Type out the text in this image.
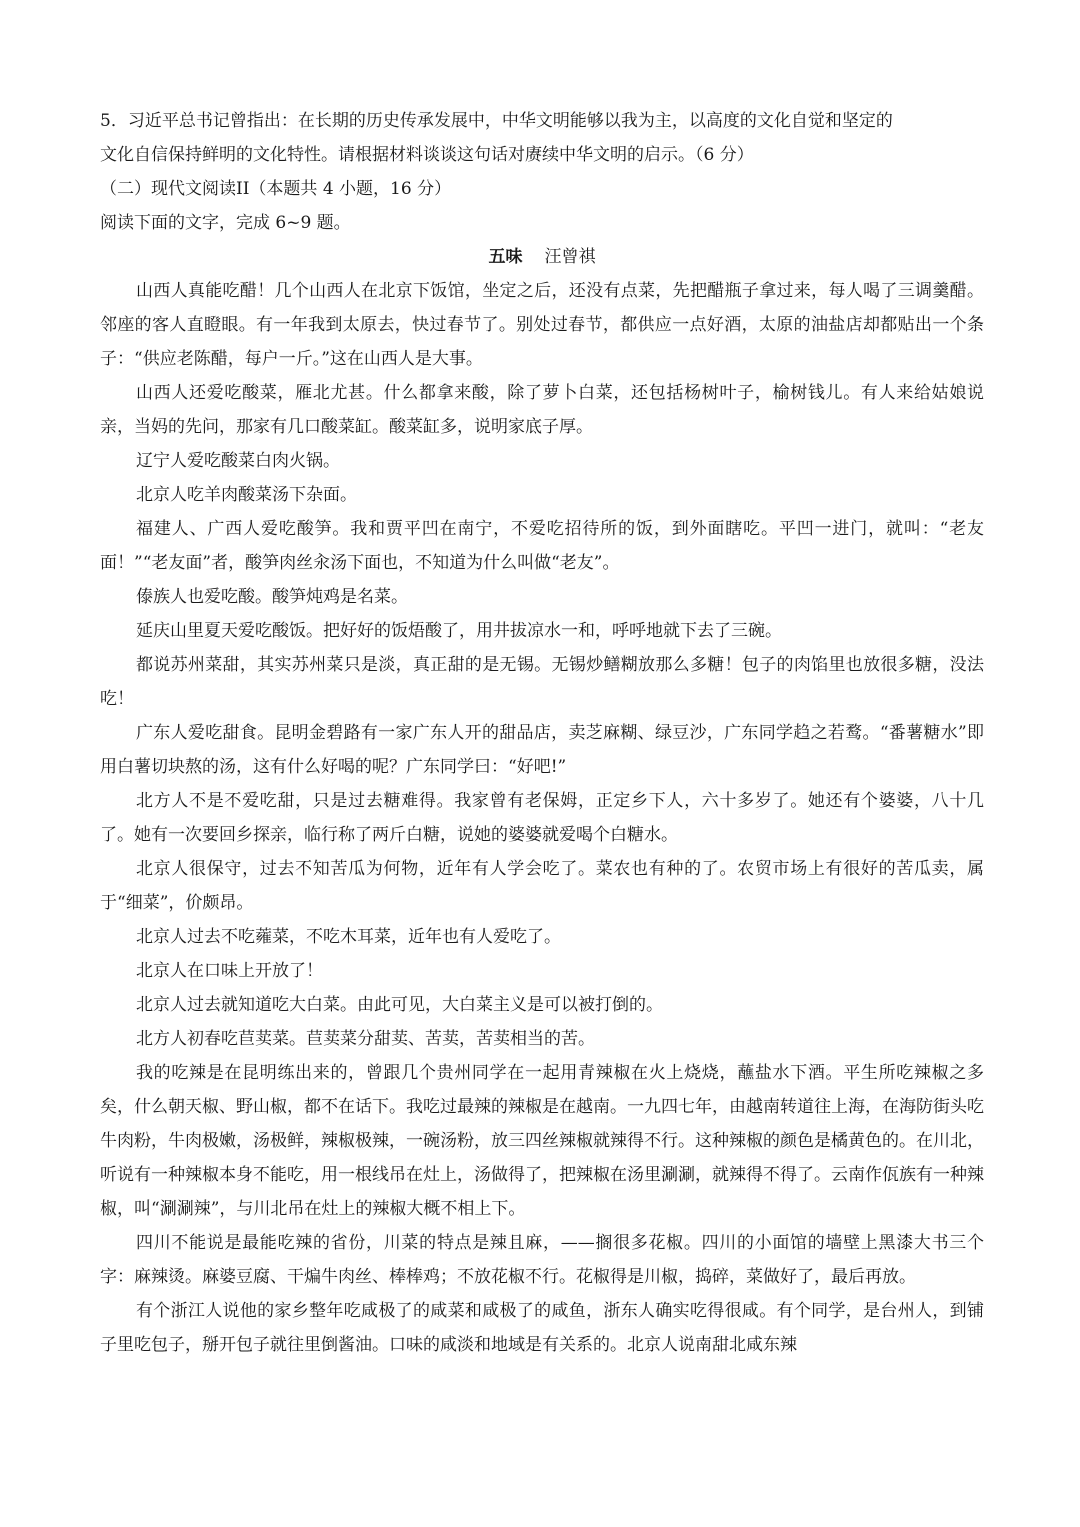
5．习近平总书记曾指出：在长期的历史传承发展中，中华文明能够以我为主，以高度的文化自觉和坚定的
文化自信保持鲜明的文化特性。请根据材料谈谈这句话对赓续中华文明的启示。（6 分）
（二）现代文阅读II（本题共 4 小题，16 分）
阅读下面的文字，完成 6~9 题。

五味 汪曾祺

山西人真能吃醋！几个山西人在北京下饭馆，坐定之后，还没有点菜，先把醋瓶子拿过来，每人喝了三调羹醋。邻座的客人直瞪眼。有一年我到太原去，快过春节了。别处过春节，都供应一点好酒，太原的油盐店却都贴出一个条子：“供应老陈醋，每户一斤。”这在山西人是大事。

山西人还爱吃酸菜，雁北尤甚。什么都拿来酸，除了萝卜白菜，还包括杨树叶子，榆树钱儿。有人来给姑娘说亲，当妈的先问，那家有几口酸菜缸。酸菜缸多，说明家底子厚。

辽宁人爱吃酸菜白肉火锅。

北京人吃羊肉酸菜汤下杂面。

福建人、广西人爱吃酸笋。我和贾平凹在南宁，不爱吃招待所的饭，到外面瞎吃。平凹一进门，就叫：“老友面！”“老友面”者，酸笋肉丝汆汤下面也，不知道为什么叫做“老友”。

傣族人也爱吃酸。酸笋炖鸡是名菜。

延庆山里夏天爱吃酸饭。把好好的饭焐酸了，用井拔凉水一和，呼呼地就下去了三碗。

都说苏州菜甜，其实苏州菜只是淡，真正甜的是无锡。无锡炒鳝糊放那么多糖！包子的肉馅里也放很多糖，没法吃！

广东人爱吃甜食。昆明金碧路有一家广东人开的甜品店，卖芝麻糊、绿豆沙，广东同学趋之若鹜。“番薯糖水”即用白薯切块熬的汤，这有什么好喝的呢？广东同学曰：“好吧!”

北方人不是不爱吃甜，只是过去糖难得。我家曾有老保姆，正定乡下人，六十多岁了。她还有个婆婆，八十几了。她有一次要回乡探亲，临行称了两斤白糖，说她的婆婆就爱喝个白糖水。

北京人很保守，过去不知苦瓜为何物，近年有人学会吃了。菜农也有种的了。农贸市场上有很好的苦瓜卖，属于“细菜”，价颇昂。

北京人过去不吃蕹菜，不吃木耳菜，近年也有人爱吃了。

北京人在口味上开放了！

北京人过去就知道吃大白菜。由此可见，大白菜主义是可以被打倒的。

北方人初春吃苣荬菜。苣荬菜分甜荬、苦荬，苦荬相当的苦。

我的吃辣是在昆明练出来的，曾跟几个贵州同学在一起用青辣椒在火上烧烧，蘸盐水下酒。平生所吃辣椒之多矣，什么朝天椒、野山椒，都不在话下。我吃过最辣的辣椒是在越南。一九四七年，由越南转道往上海，在海防街头吃牛肉粉，牛肉极嫩，汤极鲜，辣椒极辣，一碗汤粉，放三四丝辣椒就辣得不行。这种辣椒的颜色是橘黄色的。在川北，听说有一种辣椒本身不能吃，用一根线吊在灶上，汤做得了，把辣椒在汤里涮涮，就辣得不得了。云南作佤族有一种辣椒，叫“涮涮辣”，与川北吊在灶上的辣椒大概不相上下。

四川不能说是最能吃辣的省份，川菜的特点是辣且麻，——搁很多花椒。四川的小面馆的墙壁上黑漆大书三个字：麻辣烫。麻婆豆腐、干煸牛肉丝、棒棒鸡；不放花椒不行。花椒得是川椒，捣碎，菜做好了，最后再放。

有个浙江人说他的家乡整年吃咸极了的咸菜和咸极了的咸鱼，浙东人确实吃得很咸。有个同学，是台州人，到铺子里吃包子，掰开包子就往里倒酱油。口味的咸淡和地域是有关系的。北京人说南甜北咸东辣
